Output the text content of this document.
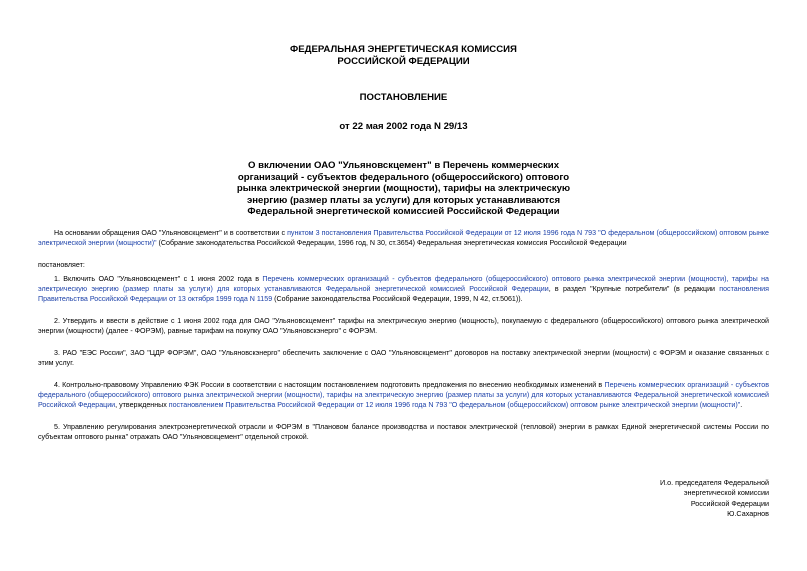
ФЕДЕРАЛЬНАЯ ЭНЕРГЕТИЧЕСКАЯ КОМИССИЯ
РОССИЙСКОЙ ФЕДЕРАЦИИ
ПОСТАНОВЛЕНИЕ
от 22 мая 2002 года N 29/13
О включении ОАО "Ульяновскцемент" в Перечень коммерческих
организаций - субъектов федерального (общероссийского) оптового
рынка электрической энергии (мощности), тарифы на электрическую
энергию (размер платы за услуги) для которых устанавливаются
Федеральной энергетической комиссией Российской Федерации

На основании обращения ОАО "Ульяновскцемент" и в соответствии с пунктом 3 постановления Правительства Российской Федерации от 12 июля 1996 года N 793 "О федеральном (общероссийском) оптовом рынке электрической энергии (мощности)" (Собрание законодательства Российской Федерации, 1996 год, N 30, ст.3654) Федеральная энергетическая комиссия Российской Федерации

постановляет:

1. Включить ОАО "Ульяновскцемент" с 1 июня 2002 года в Перечень коммерческих организаций - субъектов федерального (общероссийского) оптового рынка электрической энергии (мощности), тарифы на электрическую энергию (размер платы за услуги) для которых устанавливаются Федеральной энергетической комиссией Российской Федерации, в раздел "Крупные потребители" (в редакции постановления Правительства Российской Федерации от 13 октября 1999 года N 1159 (Собрание законодательства Российской Федерации, 1999, N 42, ст.5061)).

2. Утвердить и ввести в действие с 1 июня 2002 года для ОАО "Ульяновскцемент" тарифы на электрическую энергию (мощность), покупаемую с федерального (общероссийского) оптового рынка электрической энергии (мощности) (далее - ФОРЭМ), равные тарифам на покупку ОАО "Ульяновскэнерго" с ФОРЭМ.

3. РАО "ЕЭС России", ЗАО "ЦДР ФОРЭМ", ОАО "Ульяновскэнерго" обеспечить заключение с ОАО "Ульяновскцемент" договоров на поставку электрической энергии (мощности) с ФОРЭМ и оказание связанных с этим услуг.

4. Контрольно-правовому Управлению ФЭК России в соответствии с настоящим постановлением подготовить предложения по внесению необходимых изменений в Перечень коммерческих организаций - субъектов федерального (общероссийского) оптового рынка электрической энергии (мощности), тарифы на электрическую энергию (размер платы за услуги) для которых устанавливаются Федеральной энергетической комиссией Российской Федерации, утвержденных постановлением Правительства Российской Федерации от 12 июля 1996 года N 793 "О федеральном (общероссийском) оптовом рынке электрической энергии (мощности)".

5. Управлению регулирования электроэнергетической отрасли и ФОРЭМ в "Плановом балансе производства и поставок электрической (тепловой) энергии в рамках Единой энергетической системы России по субъектам оптового рынка" отражать ОАО "Ульяновскцемент" отдельной строкой.

И.о. председателя Федеральной
энергетической комиссии
Российской Федерации
Ю.Сахарнов
